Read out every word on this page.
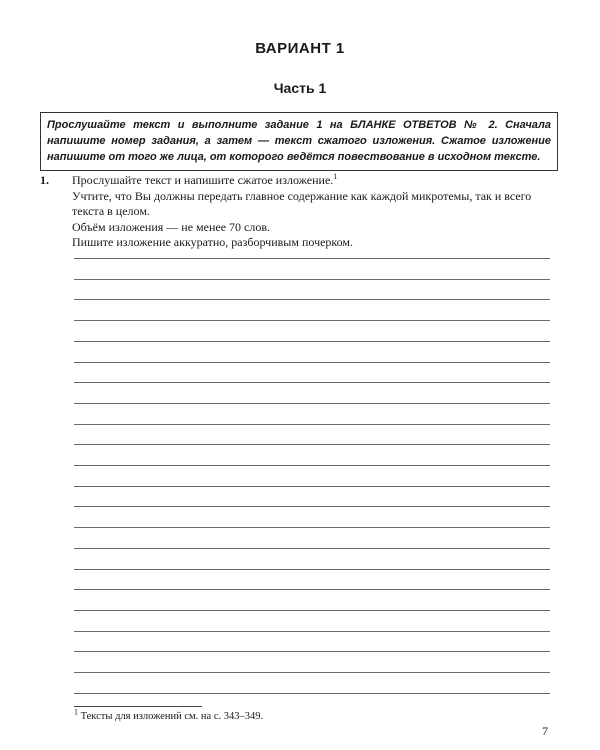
ВАРИАНТ 1
Часть 1
Прослушайте текст и выполните задание 1 на БЛАНКЕ ОТВЕТОВ № 2. Сначала напишите номер задания, а затем — текст сжатого изложения. Сжатое изложение напишите от того же лица, от которого ведётся повествование в исходном тексте.
1. Прослушайте текст и напишите сжатое изложение.$^1$

Учтите, что Вы должны передать главное содержание как каждой микротемы, так и всего текста в целом.

Объём изложения — не менее 70 слов.

Пишите изложение аккуратно, разборчивым почерком.

$^1$ Тексты для изложений см. на с. 343–349.
7
